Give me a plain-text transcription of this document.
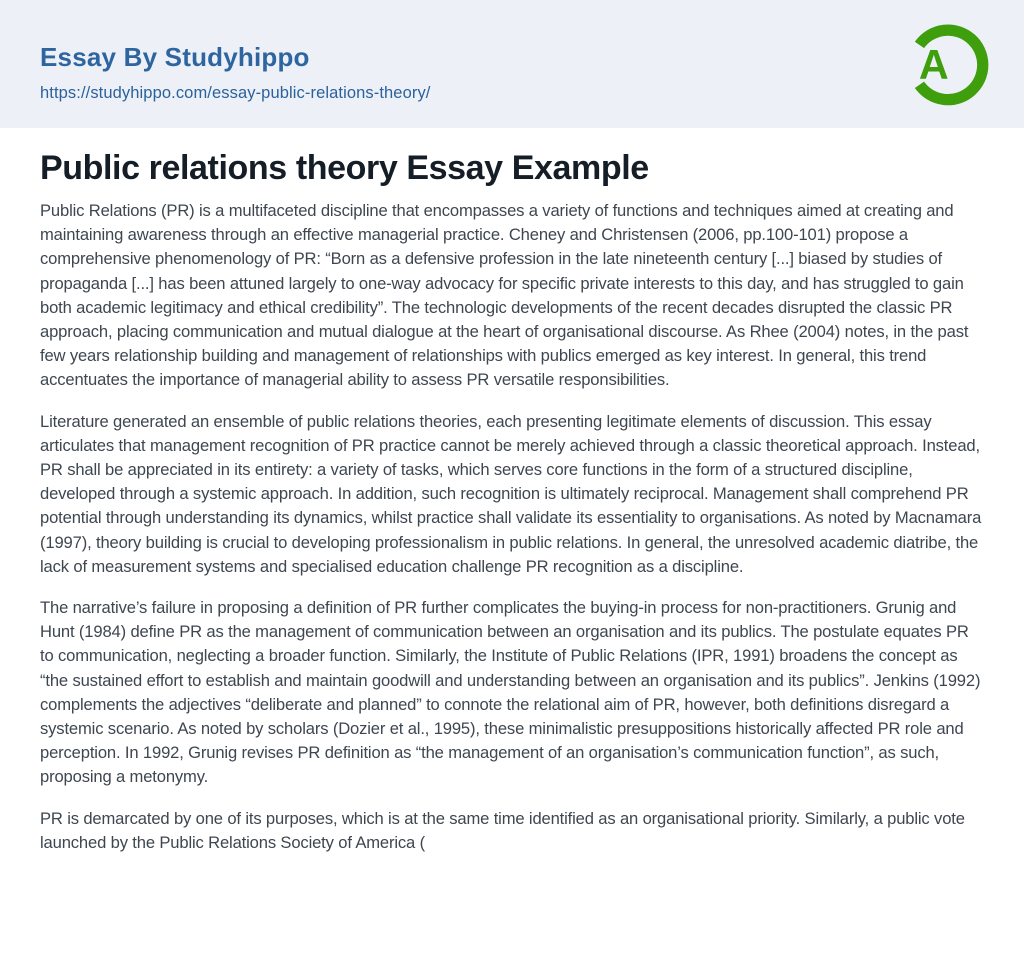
Essay By Studyhippo
https://studyhippo.com/essay-public-relations-theory/
A
Public relations theory Essay Example

Public Relations (PR) is a multifaceted discipline that encompasses a variety of functions and techniques aimed at creating and maintaining awareness through an effective managerial practice. Cheney and Christensen (2006, pp.100-101) propose a comprehensive phenomenology of PR: “Born as a defensive profession in the late nineteenth century [...] biased by studies of propaganda [...] has been attuned largely to one-way advocacy for specific private interests to this day, and has struggled to gain both academic legitimacy and ethical credibility”. The technologic developments of the recent decades disrupted the classic PR approach, placing communication and mutual dialogue at the heart of organisational discourse. As Rhee (2004) notes, in the past few years relationship building and management of relationships with publics emerged as key interest. In general, this trend accentuates the importance of managerial ability to assess PR versatile responsibilities.

Literature generated an ensemble of public relations theories, each presenting legitimate elements of discussion. This essay articulates that management recognition of PR practice cannot be merely achieved through a classic theoretical approach. Instead, PR shall be appreciated in its entirety: a variety of tasks, which serves core functions in the form of a structured discipline, developed through a systemic approach. In addition, such recognition is ultimately reciprocal. Management shall comprehend PR potential through understanding its dynamics, whilst practice shall validate its essentiality to organisations. As noted by Macnamara (1997), theory building is crucial to developing professionalism in public relations. In general, the unresolved academic diatribe, the lack of measurement systems and specialised education challenge PR recognition as a discipline.

The narrative’s failure in proposing a definition of PR further complicates the buying-in process for non-practitioners. Grunig and Hunt (1984) define PR as the management of communication between an organisation and its publics. The postulate equates PR to communication, neglecting a broader function. Similarly, the Institute of Public Relations (IPR, 1991) broadens the concept as “the sustained effort to establish and maintain goodwill and understanding between an organisation and its publics”. Jenkins (1992) complements the adjectives “deliberate and planned” to connote the relational aim of PR, however, both definitions disregard a systemic scenario. As noted by scholars (Dozier et al., 1995), these minimalistic presuppositions historically affected PR role and perception. In 1992, Grunig revises PR definition as “the management of an organisation’s communication function”, as such, proposing a metonymy.

PR is demarcated by one of its purposes, which is at the same time identified as an organisational priority. Similarly, a public vote launched by the Public Relations Society of America (
